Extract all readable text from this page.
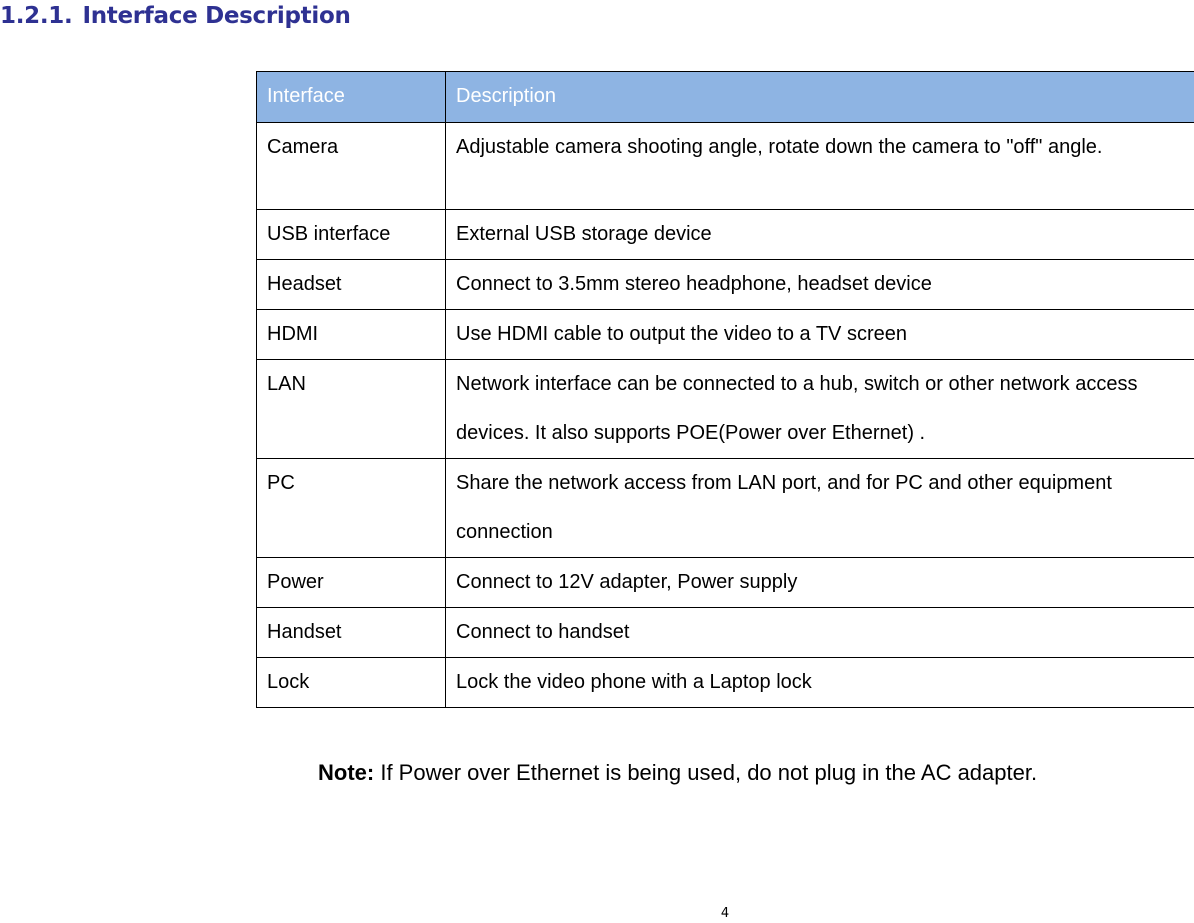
1.2.1. Interface Description
Interface	Description
Camera	Adjustable camera shooting angle, rotate down the camera to "off" angle.
USB interface	External USB storage device
Headset	Connect to 3.5mm stereo headphone, headset device
HDMI	Use HDMI cable to output the video to a TV screen
LAN	Network interface can be connected to a hub, switch or other network access devices. It also supports POE(Power over Ethernet) .
PC	Share the network access from LAN port, and for PC and other equipment connection
Power	Connect to 12V adapter, Power supply
Handset	Connect to handset
Lock	Lock the video phone with a Laptop lock
Note: If Power over Ethernet is being used, do not plug in the AC adapter.
4
